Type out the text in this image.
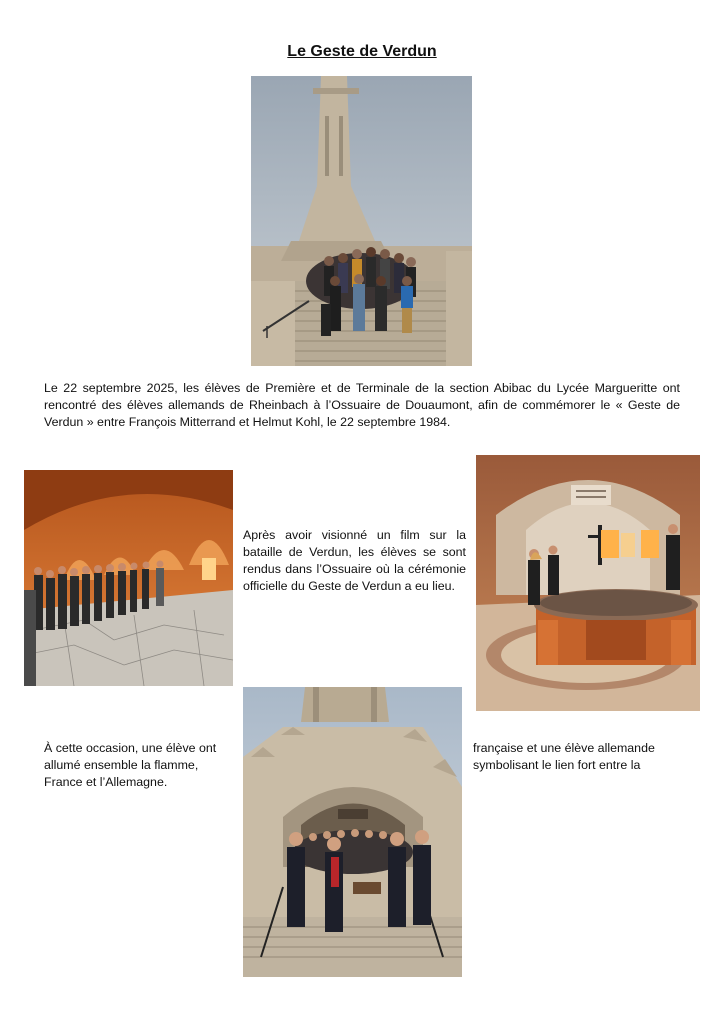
Le Geste de Verdun
Le 22 septembre 2025, les élèves de Première et de Terminale de la section Abibac du Lycée Margueritte ont rencontré des élèves allemands de Rheinbach à l’Ossuaire de Douaumont, afin de commémorer le « Geste de Verdun » entre François Mitterrand et Helmut Kohl, le 22 septembre 1984.
Après avoir visionné un film sur la bataille de Verdun, les élèves se sont rendus dans l’Ossuaire où la cérémonie officielle du Geste de Verdun a eu lieu.
À cette occasion, une élève ont allumé ensemble la flamme, France et l’Allemagne.
française et une élève allemande symbolisant le lien fort entre la
